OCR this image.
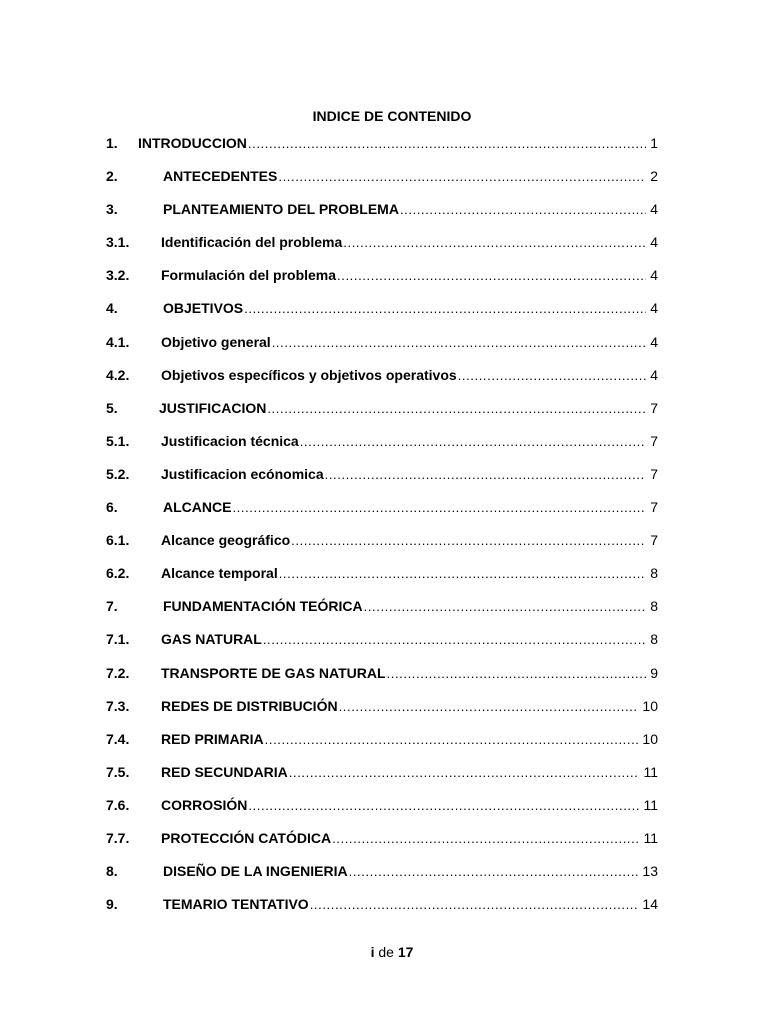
INDICE DE CONTENIDO
1.	INTRODUCCION .....	1
2.	ANTECEDENTES .....	2
3.	PLANTEAMIENTO DEL PROBLEMA .....	4
3.1.	Identificación del problema .....	4
3.2.	Formulación del problema .....	4
4.	OBJETIVOS .....	4
4.1.	Objetivo general .....	4
4.2.	Objetivos específicos y objetivos operativos .....	4
5.	JUSTIFICACION .....	7
5.1.	Justificacion técnica .....	7
5.2.	Justificacion ecónomica .....	7
6.	ALCANCE .....	7
6.1.	Alcance geográfico .....	7
6.2.	Alcance temporal .....	8
7.	FUNDAMENTACIÓN TEÓRICA .....	8
7.1.	GAS NATURAL .....	8
7.2.	TRANSPORTE DE GAS NATURAL .....	9
7.3.	REDES DE DISTRIBUCIÓN .....	10
7.4.	RED PRIMARIA .....	10
7.5.	RED SECUNDARIA .....	11
7.6.	CORROSIÓN .....	11
7.7.	PROTECCIÓN CATÓDICA .....	11
8.	DISEÑO DE LA INGENIERIA .....	13
9.	TEMARIO TENTATIVO .....	14
i de 17
